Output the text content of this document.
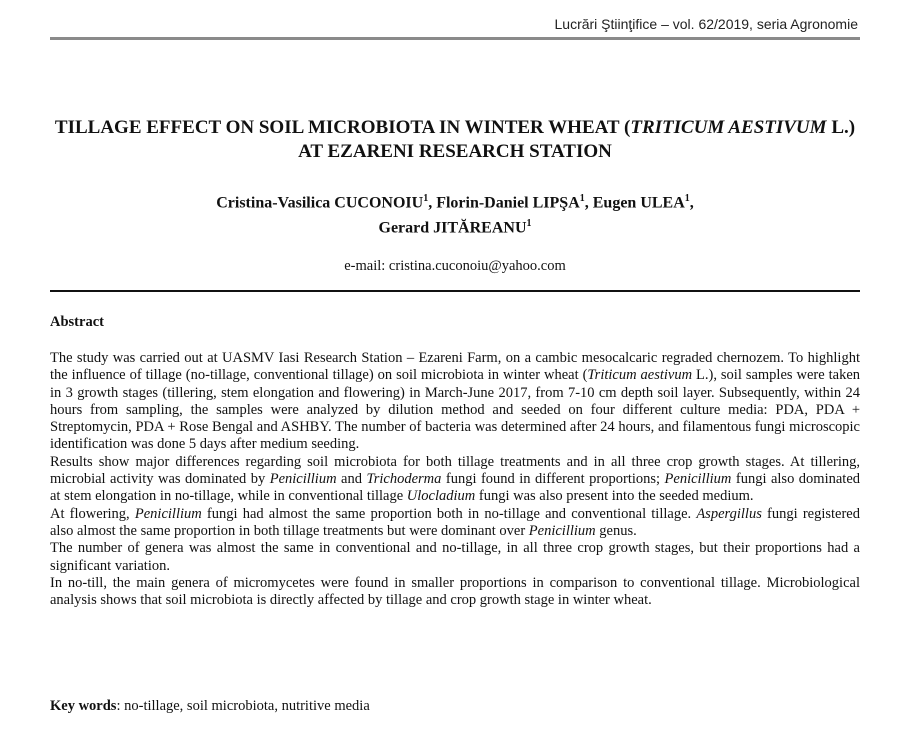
Lucrări Ştiinţifice – vol. 62/2019, seria Agronomie
TILLAGE EFFECT ON SOIL MICROBIOTA IN WINTER WHEAT (TRITICUM AESTIVUM L.) AT EZARENI RESEARCH STATION
Cristina-Vasilica CUCONOIU$^1$, Florin-Daniel LIPŞA$^1$, Eugen ULEA$^1$,
Gerard JITĂREANU$^1$
e-mail: cristina.cuconoiu@yahoo.com
Abstract

The study was carried out at UASMV Iasi Research Station – Ezareni Farm, on a cambic mesocalcaric regraded chernozem. To highlight the influence of tillage (no-tillage, conventional tillage) on soil microbiota in winter wheat (Triticum aestivum L.), soil samples were taken in 3 growth stages (tillering, stem elongation and flowering) in March-June 2017, from 7-10 cm depth soil layer. Subsequently, within 24 hours from sampling, the samples were analyzed by dilution method and seeded on four different culture media: PDA, PDA + Streptomycin, PDA + Rose Bengal and ASHBY. The number of bacteria was determined after 24 hours, and filamentous fungi microscopic identification was done 5 days after medium seeding.

Results show major differences regarding soil microbiota for both tillage treatments and in all three crop growth stages. At tillering, microbial activity was dominated by Penicillium and Trichoderma fungi found in different proportions; Penicillium fungi also dominated at stem elongation in no-tillage, while in conventional tillage Ulocladium fungi was also present into the seeded medium.

At flowering, Penicillium fungi had almost the same proportion both in no-tillage and conventional tillage. Aspergillus fungi registered also almost the same proportion in both tillage treatments but were dominant over Penicillium genus.

The number of genera was almost the same in conventional and no-tillage, in all three crop growth stages, but their proportions had a significant variation.

In no-till, the main genera of micromycetes were found in smaller proportions in comparison to conventional tillage. Microbiological analysis shows that soil microbiota is directly affected by tillage and crop growth stage in winter wheat.

Key words: no-tillage, soil microbiota, nutritive media
